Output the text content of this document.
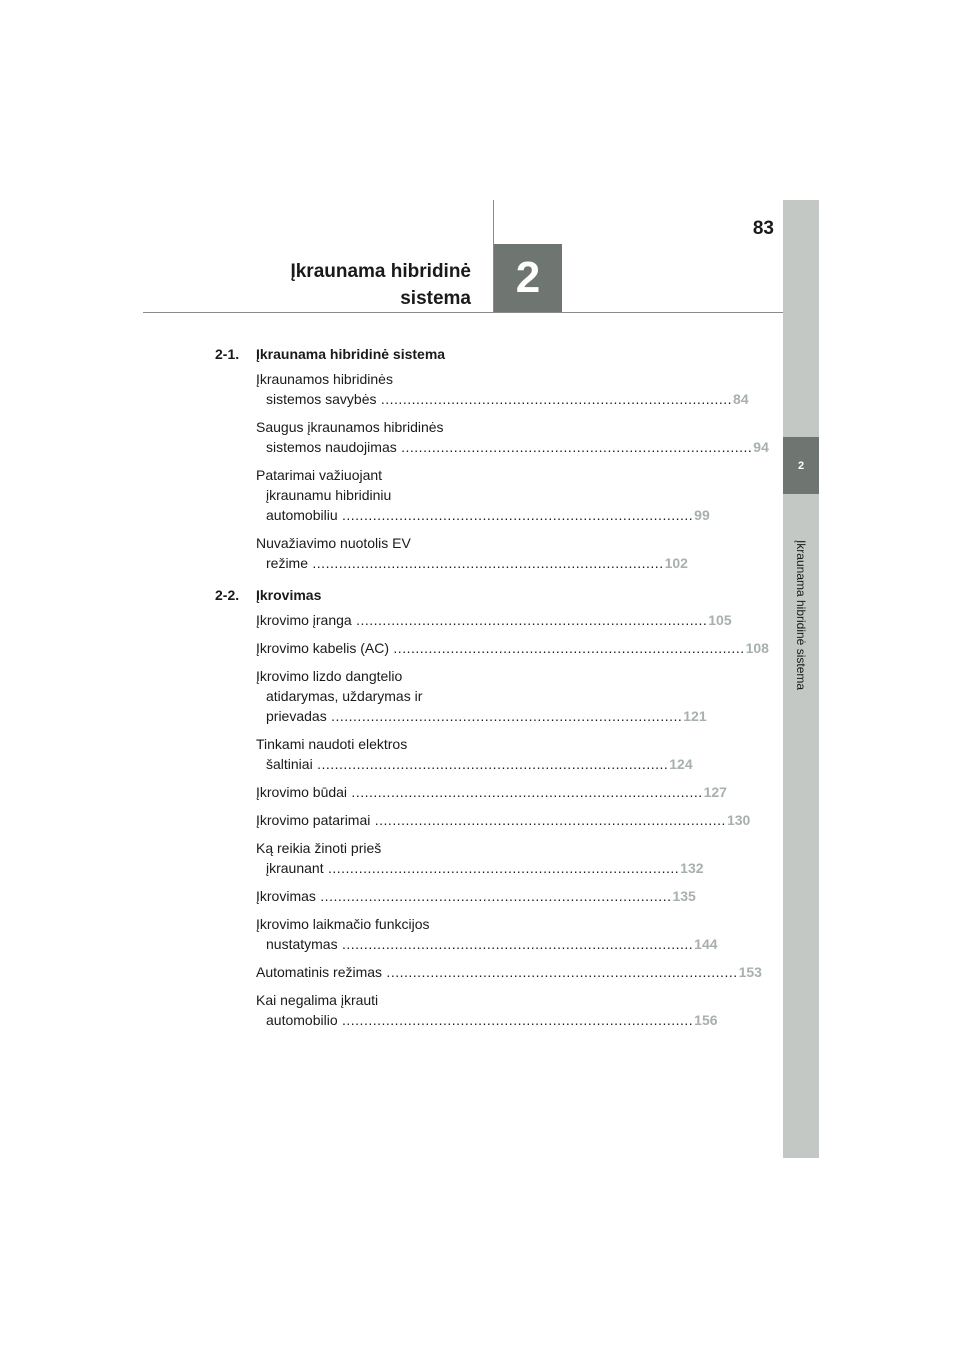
83
2
Įkraunama hibridinė
sistema
2
Įkraunama hibridinė sistema
2-1.	Įkraunama hibridinė sistema
Įkraunamos hibridinės
sistemos savybės ................................................................................ 84
Saugus įkraunamos hibridinės
sistemos naudojimas ................................................................................ 94
Patarimai važiuojant
įkraunamu hibridiniu
automobiliu ................................................................................ 99
Nuvažiavimo nuotolis EV
režime ................................................................................ 102
2-2.	Įkrovimas
Įkrovimo įranga ................................................................................ 105
Įkrovimo kabelis (AC) ................................................................................ 108
Įkrovimo lizdo dangtelio
atidarymas, uždarymas ir
prievadas ................................................................................ 121
Tinkami naudoti elektros
šaltiniai ................................................................................ 124
Įkrovimo būdai ................................................................................ 127
Įkrovimo patarimai ................................................................................ 130
Ką reikia žinoti prieš
įkraunant ................................................................................ 132
Įkrovimas ................................................................................ 135
Įkrovimo laikmačio funkcijos
nustatymas ................................................................................ 144
Automatinis režimas ................................................................................ 153
Kai negalima įkrauti
automobilio ................................................................................ 156
